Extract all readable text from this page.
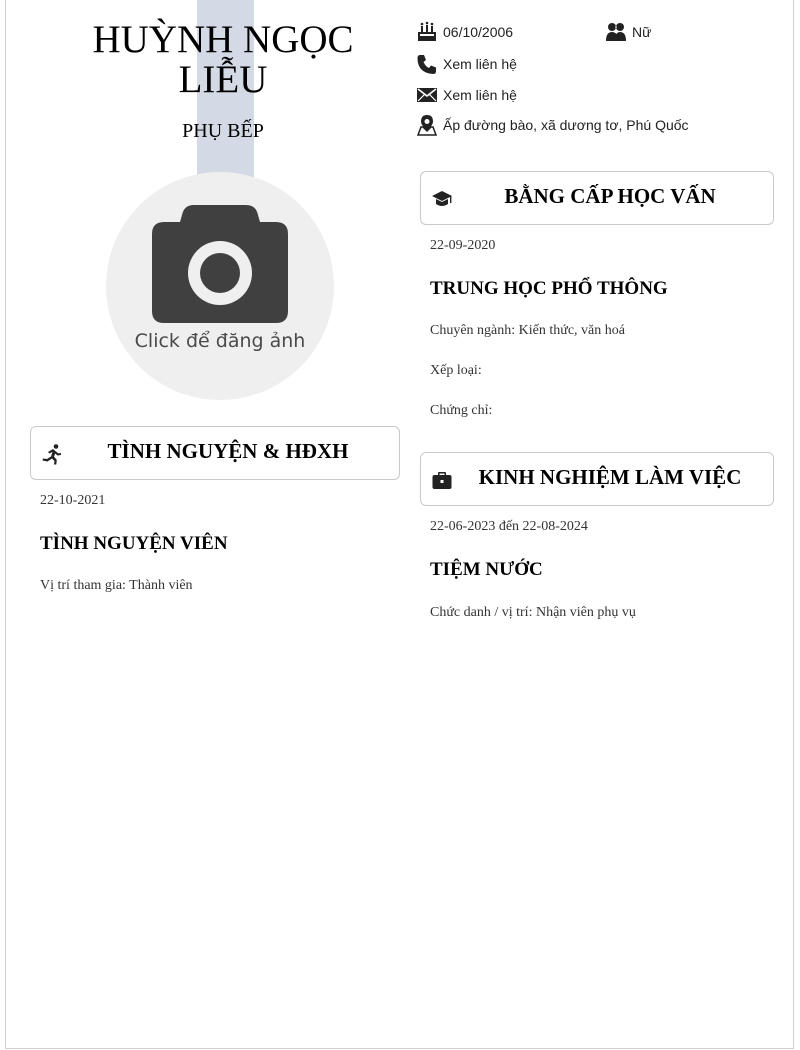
HUỲNH NGỌC
LIỄU
PHỤ BẾP
Click để đăng ảnh
06/10/2006	Nữ
Xem liên hệ
Xem liên hệ
Ấp đường bào, xã dương tơ, Phú Quốc
BẰNG CẤP HỌC VẤN
22-09-2020
TRUNG HỌC PHỔ THÔNG
Chuyên ngành: Kiến thức, văn hoá
Xếp loại:
Chứng chỉ:
TÌNH NGUYỆN & HĐXH
22-10-2021
TÌNH NGUYỆN VIÊN
Vị trí tham gia: Thành viên
KINH NGHIỆM LÀM VIỆC
22-06-2023 đến 22-08-2024
TIỆM NƯỚC
Chức danh / vị trí: Nhận viên phụ vụ
